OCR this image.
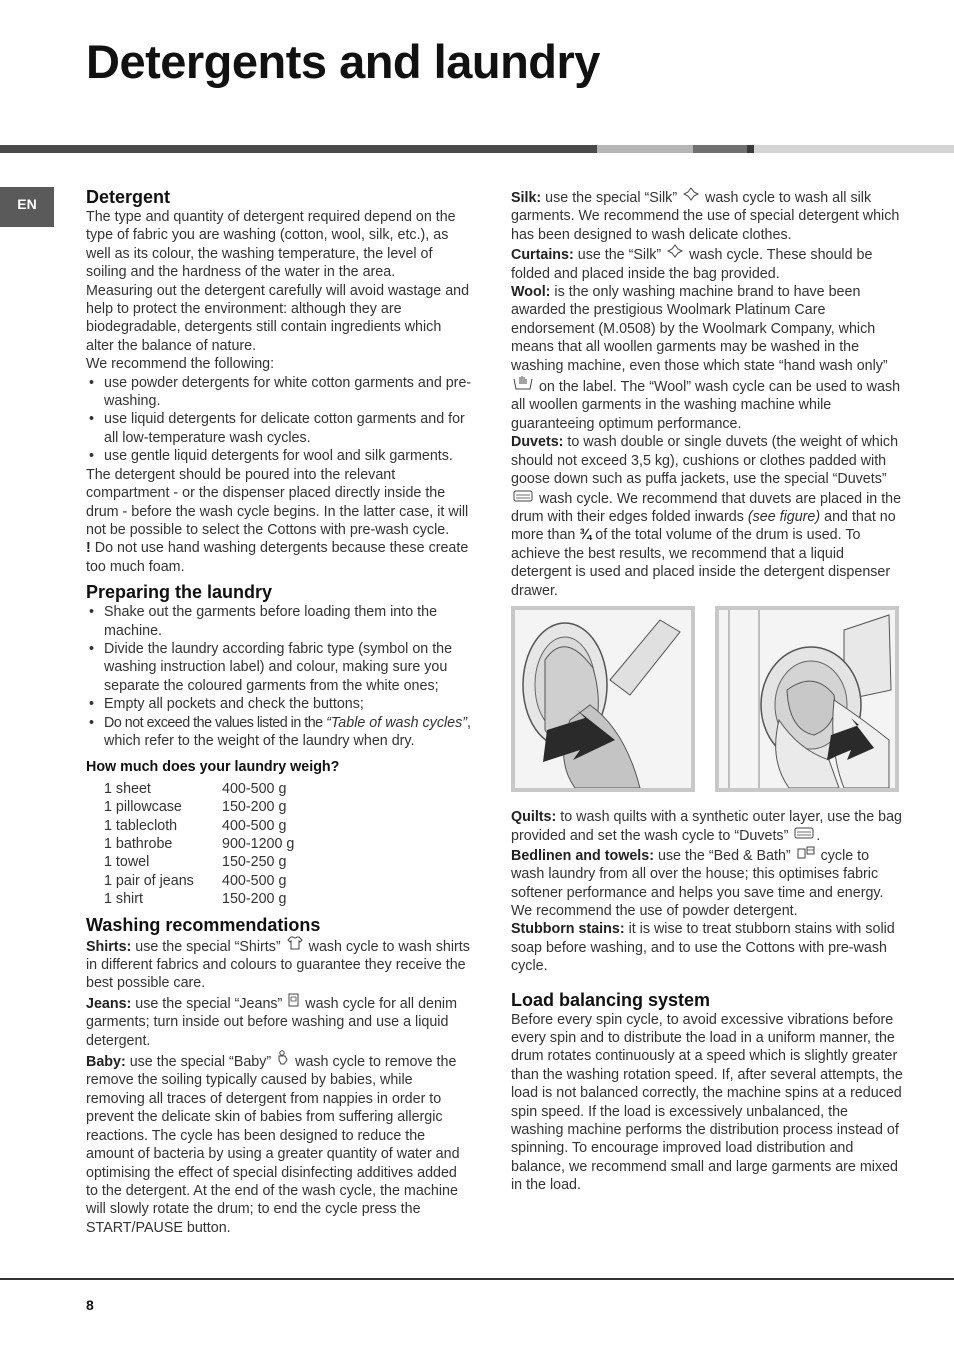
Detergents and laundry
EN	Detergent

The type and quantity of detergent required depend on the type of fabric you are washing (cotton, wool, silk, etc.), as well as its colour, the washing temperature, the level of soiling and the hardness of the water in the area.

Measuring out the detergent carefully will avoid wastage and help to protect the environment: although they are biodegradable, detergents still contain ingredients which alter the balance of nature.

We recommend the following:

• use powder detergents for white cotton garments and pre-washing.
• use liquid detergents for delicate cotton garments and for all low-temperature wash cycles.
• use gentle liquid detergents for wool and silk garments.

The detergent should be poured into the relevant compartment - or the dispenser placed directly inside the drum - before the wash cycle begins. In the latter case, it will not be possible to select the Cottons with pre-wash cycle.

! Do not use hand washing detergents because these create too much foam.

Preparing the laundry
• Shake out the garments before loading them into the machine.
• Divide the laundry according fabric type (symbol on the washing instruction label) and colour, making sure you separate the coloured garments from the white ones;
• Empty all pockets and check the buttons;
• Do not exceed the values listed in the “Table of wash cycles”, which refer to the weight of the laundry when dry.
How much does your laundry weigh?
1 sheet	400-500 g
1 pillowcase	150-200 g
1 tablecloth	400-500 g
1 bathrobe	900-1200 g
1 towel	150-250 g
1 pair of jeans	400-500 g
1 shirt	150-200 g
Washing recommendations

Shirts: use the special “Shirts”  wash cycle to wash shirts in different fabrics and colours to guarantee they receive the best possible care.

Jeans: use the special “Jeans”  wash cycle for all denim garments; turn inside out before washing and use a liquid detergent.

Baby: use the special “Baby”  wash cycle to remove the remove the soiling typically caused by babies, while removing all traces of detergent from nappies in order to prevent the delicate skin of babies from suffering allergic reactions. The cycle has been designed to reduce the amount of bacteria by using a greater quantity of water and optimising the effect of special disinfecting additives added to the detergent. At the end of the wash cycle, the machine will slowly rotate the drum; to end the cycle press the START/PAUSE button.

Silk: use the special “Silk”  wash cycle to wash all silk garments. We recommend the use of special detergent which has been designed to wash delicate clothes.

Curtains: use the “Silk”  wash cycle. These should be folded and placed inside the bag provided.

Wool: is the only washing machine brand to have been awarded the prestigious Woolmark Platinum Care endorsement (M.0508) by the Woolmark Company, which means that all woollen garments may be washed in the washing machine, even those which state “hand wash only”  on the label. The “Wool” wash cycle can be used to wash all woollen garments in the washing machine while guaranteeing optimum performance.

Duvets: to wash double or single duvets (the weight of which should not exceed 3,5 kg), cushions or clothes padded with goose down such as puffa jackets, use the special “Duvets”  wash cycle. We recommend that duvets are placed in the drum with their edges folded inwards (see figure) and that no more than ¾ of the total volume of the drum is used. To achieve the best results, we recommend that a liquid detergent is used and placed inside the detergent dispenser drawer.

Quilts: to wash quilts with a synthetic outer layer, use the bag provided and set the wash cycle to “Duvets” .

Bedlinen and towels: use the “Bed & Bath”  cycle to wash laundry from all over the house; this optimises fabric softener performance and helps you save time and energy. We recommend the use of powder detergent.

Stubborn stains: it is wise to treat stubborn stains with solid soap before washing, and to use the Cottons with pre-wash cycle.

Load balancing system

Before every spin cycle, to avoid excessive vibrations before every spin and to distribute the load in a uniform manner, the drum rotates continuously at a speed which is slightly greater than the washing rotation speed. If, after several attempts, the load is not balanced correctly, the machine spins at a reduced spin speed. If the load is excessively unbalanced, the washing machine performs the distribution process instead of spinning. To encourage improved load distribution and balance, we recommend small and large garments are mixed in the load.

8
